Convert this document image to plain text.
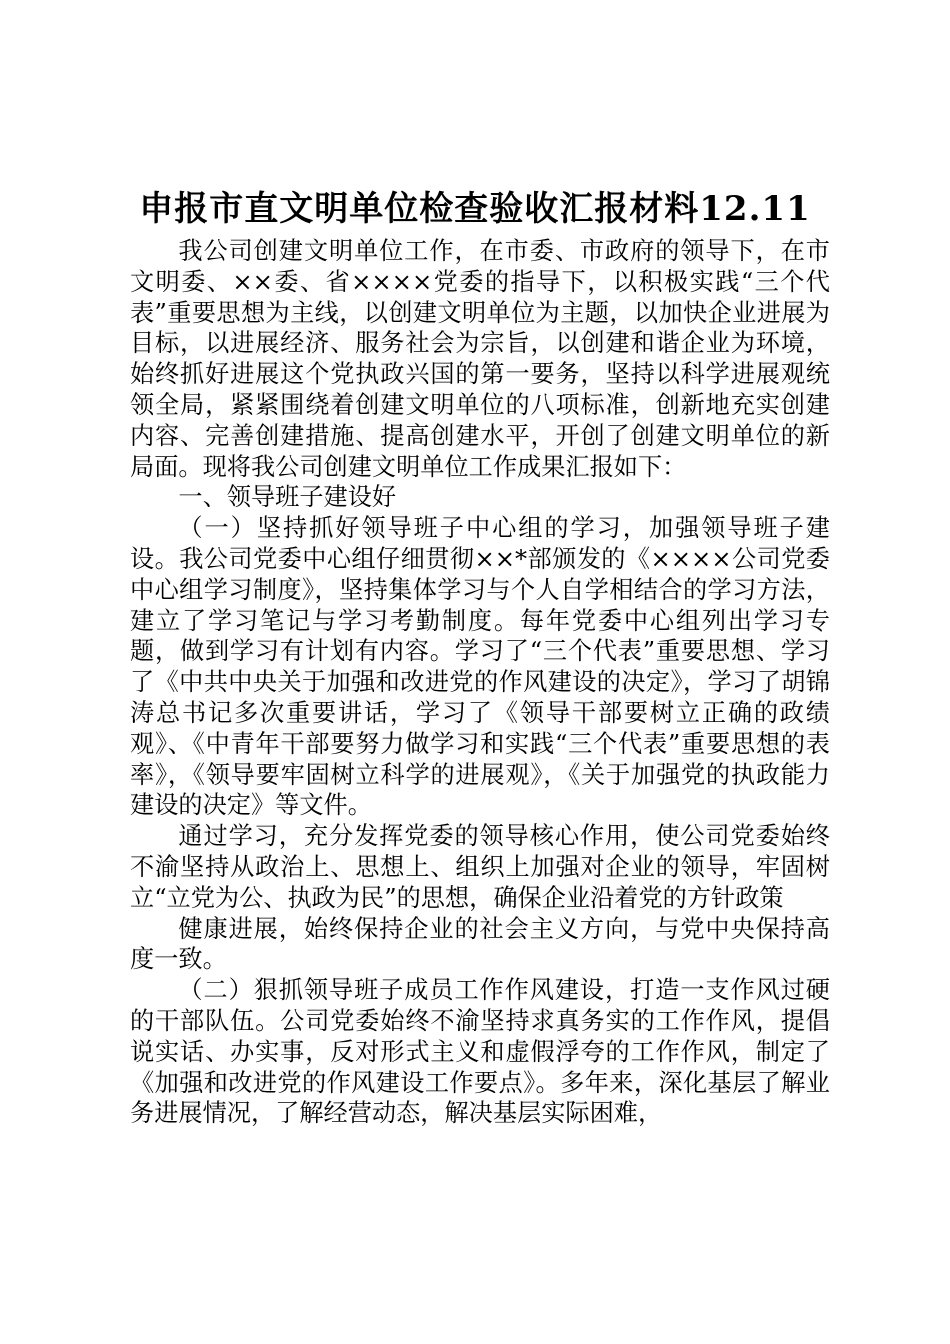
申报市直文明单位检查验收汇报材料12.11

我公司创建文明单位工作，在市委、市政府的领导下，在市文明委、××委、省××××党委的指导下，以积极实践“三个代表”重要思想为主线，以创建文明单位为主题，以加快企业进展为目标，以进展经济、服务社会为宗旨，以创建和谐企业为环境，始终抓好进展这个党执政兴国的第一要务，坚持以科学进展观统领全局，紧紧围绕着创建文明单位的八项标准，创新地充实创建内容、完善创建措施、提高创建水平，开创了创建文明单位的新局面。现将我公司创建文明单位工作成果汇报如下：

一、领导班子建设好

（一）坚持抓好领导班子中心组的学习，加强领导班子建设。我公司党委中心组仔细贯彻××*部颁发的《××××公司党委中心组学习制度》，坚持集体学习与个人自学相结合的学习方法，建立了学习笔记与学习考勤制度。每年党委中心组列出学习专题，做到学习有计划有内容。学习了“三个代表”重要思想、学习了《中共中央关于加强和改进党的作风建设的决定》，学习了胡锦涛总书记多次重要讲话，学习了《领导干部要树立正确的政绩观》、《中青年干部要努力做学习和实践“三个代表”重要思想的表率》，《领导要牢固树立科学的进展观》，《关于加强党的执政能力建设的决定》等文件。

通过学习，充分发挥党委的领导核心作用，使公司党委始终不渝坚持从政治上、思想上、组织上加强对企业的领导，牢固树立“立党为公、执政为民”的思想，确保企业沿着党的方针政策

健康进展，始终保持企业的社会主义方向，与党中央保持高度一致。

（二）狠抓领导班子成员工作作风建设，打造一支作风过硬的干部队伍。公司党委始终不渝坚持求真务实的工作作风，提倡说实话、办实事，反对形式主义和虚假浮夸的工作作风，制定了《加强和改进党的作风建设工作要点》。多年来，深化基层了解业务进展情况，了解经营动态，解决基层实际困难，
